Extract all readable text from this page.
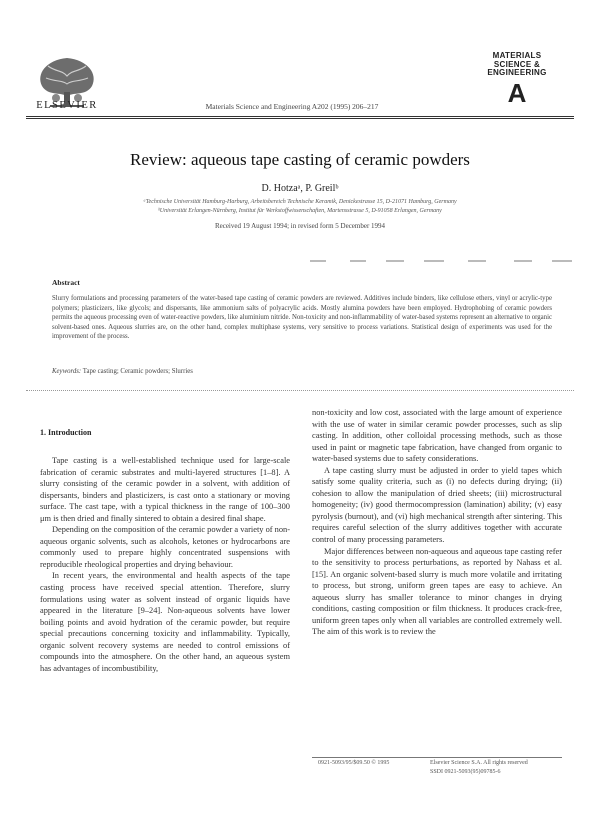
ELSEVIER	Materials Science and Engineering A202 (1995) 206–217
MATERIALS
SCIENCE &
ENGINEERING
A
Review: aqueous tape casting of ceramic powders
D. Hotzaᵃ, P. Greilᵇ
ᵃTechnische Universität Hamburg-Harburg, Arbeitsbereich Technische Keramik, Denickestrasse 15, D-21071 Hamburg, Germany
ᵇUniversität Erlangen-Nürnberg, Institut für Werkstoffwissenschaften, Martensstrasse 5, D-91058 Erlangen, Germany
Received 19 August 1994; in revised form 5 December 1994
Abstract
Slurry formulations and processing parameters of the water-based tape casting of ceramic powders are reviewed. Additives include binders, like cellulose ethers, vinyl or acrylic-type polymers; plasticizers, like glycols; and dispersants, like ammonium salts of polyacrylic acids. Mostly alumina powders have been employed. Hydrophobing of ceramic powders permits the aqueous processing even of water-reactive powders, like aluminium nitride. Non-toxicity and non-inflammability of water-based systems represent an alternative to organic solvent-based ones. Aqueous slurries are, on the other hand, complex multiphase systems, very sensitive to process variations. Statistical design of experiments was used for the improvement of the process.
Keywords: Tape casting; Ceramic powders; Slurries
1. Introduction

Tape casting is a well-established technique used for large-scale fabrication of ceramic substrates and multi-layered structures [1–8]. A slurry consisting of the ceramic powder in a solvent, with addition of dispersants, binders and plasticizers, is cast onto a stationary or moving surface. The cast tape, with a typical thickness in the range of 100–300 μm is then dried and finally sintered to obtain a desired final shape.

Depending on the composition of the ceramic powder a variety of non-aqueous organic solvents, such as alcohols, ketones or hydrocarbons are commonly used to prepare highly concentrated suspensions with reproducible rheological properties and drying behaviour.

In recent years, the environmental and health aspects of the tape casting process have received special attention. Therefore, slurry formulations using water as solvent instead of organic liquids have appeared in the literature [9–24]. Non-aqueous solvents have lower boiling points and avoid hydration of the ceramic powder, but require special precautions concerning toxicity and inflammability. Typically, organic solvent recovery systems are needed to control emissions of compounds into the atmosphere. On the other hand, an aqueous system has advantages of incombustibility,

non-toxicity and low cost, associated with the large amount of experience with the use of water in similar ceramic powder processes, such as slip casting. In addition, other colloidal processing methods, such as those used in paint or magnetic tape fabrication, have changed from organic to water-based systems due to safety considerations.

A tape casting slurry must be adjusted in order to yield tapes which satisfy some quality criteria, such as (i) no defects during drying; (ii) cohesion to allow the manipulation of dried sheets; (iii) microstructural homogeneity; (iv) good thermocompression (lamination) ability; (v) easy pyrolysis (burnout), and (vi) high mechanical strength after sintering. This requires careful selection of the slurry additives together with accurate control of many processing parameters.

Major differences between non-aqueous and aqueous tape casting refer to the sensitivity to process perturbations, as reported by Nahass et al. [15]. An organic solvent-based slurry is much more volatile and irritating to process, but strong, uniform green tapes are easy to achieve. An aqueous slurry has smaller tolerance to minor changes in drying conditions, casting composition or film thickness. It produces crack-free, uniform green tapes only when all variables are controlled extremely well. The aim of this work is to review the

0921-5093/95/$09.50 © 1995	Elsevier Science S.A. All rights reserved
SSDI 0921-5093(95)09785-6
